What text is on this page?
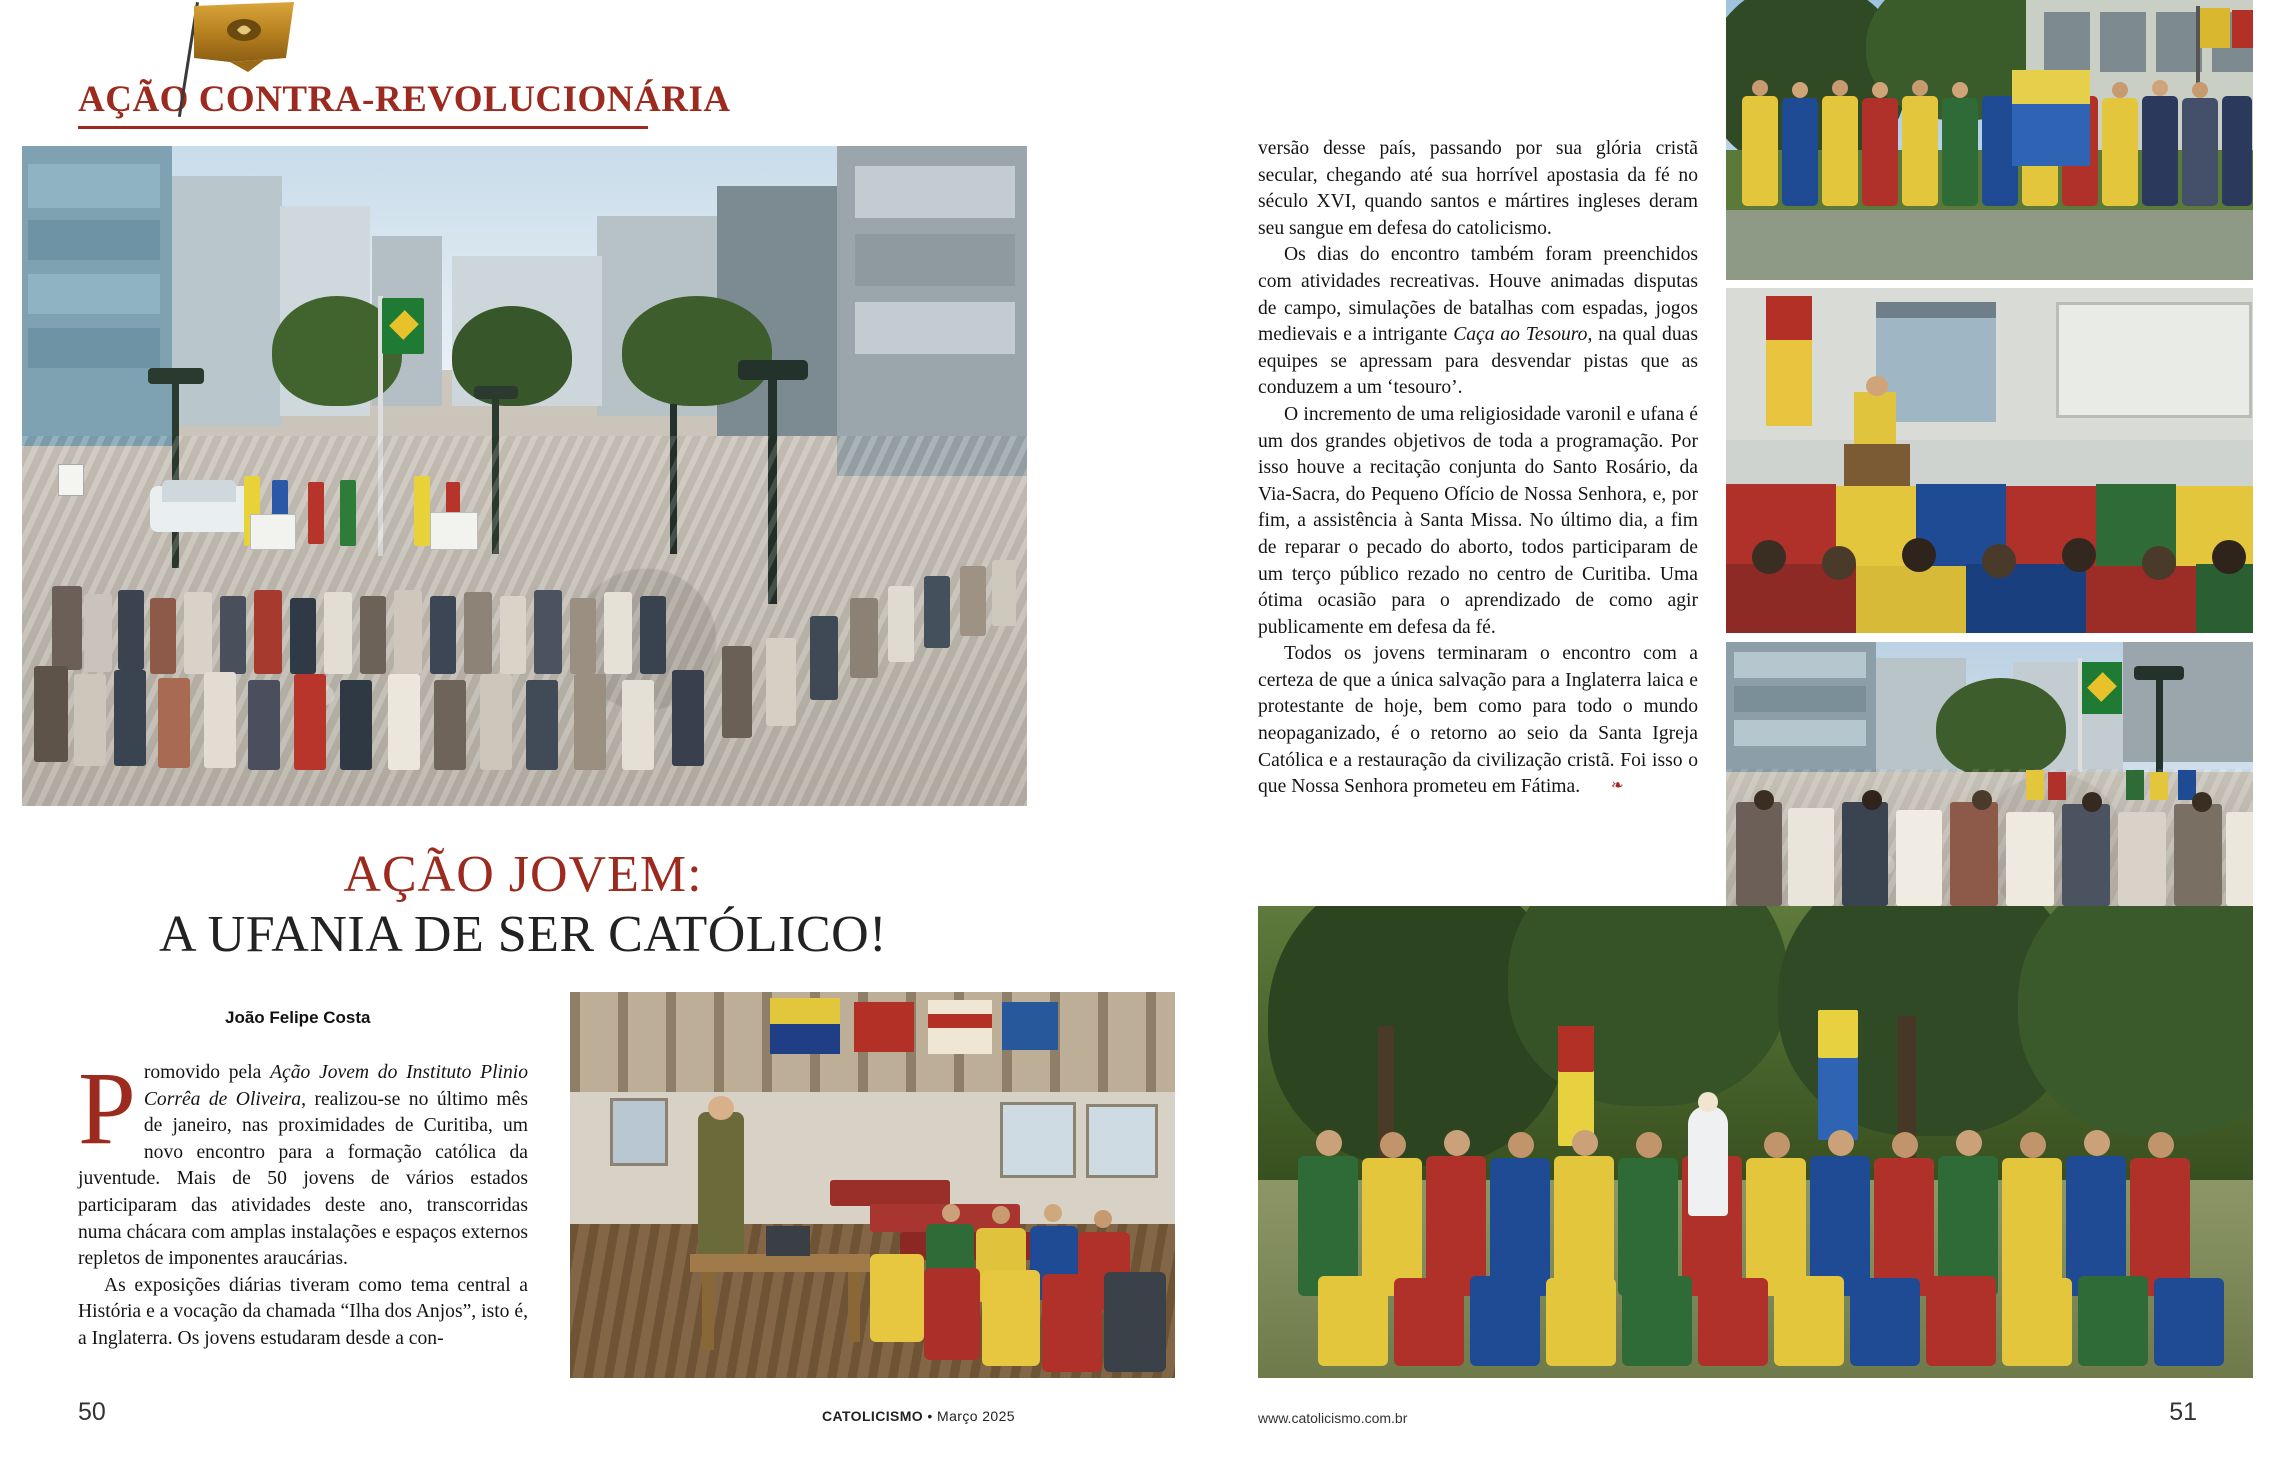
AÇÃO CONTRA-REVOLUCIONÁRIA
AÇÃO JOVEM:
A UFANIA DE SER CATÓLICO!
João Felipe Costa

P romovido pela Ação Jovem do Instituto Plinio Corrêa de Oliveira, realizou-se no último mês de janeiro, nas proximidades de Curitiba, um novo encontro para a formação católica da juventude. Mais de 50 jovens de vários estados participaram das atividades deste ano, transcorridas numa chácara com amplas instalações e espaços externos repletos de imponentes araucárias.

As exposições diárias tiveram como tema central a História e a vocação da chamada “Ilha dos Anjos”, isto é, a Inglaterra. Os jovens estudaram desde a con-

versão desse país, passando por sua glória cristã secular, chegando até sua horrível apostasia da fé no século XVI, quando santos e mártires ingleses deram seu sangue em defesa do catolicismo.

Os dias do encontro também foram preenchidos com atividades recreativas. Houve animadas disputas de campo, simulações de batalhas com espadas, jogos medievais e a intrigante Caça ao Tesouro, na qual duas equipes se apressam para desvendar pistas que as conduzem a um ‘tesouro’.

O incremento de uma religiosidade varonil e ufana é um dos grandes objetivos de toda a programação. Por isso houve a recitação conjunta do Santo Rosário, da Via-Sacra, do Pequeno Ofício de Nossa Senhora, e, por fim, a assistência à Santa Missa. No último dia, a fim de reparar o pecado do aborto, todos participaram de um terço público rezado no centro de Curitiba. Uma ótima ocasião para o aprendizado de como agir publicamente em defesa da fé.

Todos os jovens terminaram o encontro com a certeza de que a única salvação para a Inglaterra laica e protestante de hoje, bem como para todo o mundo neopaganizado, é o retorno ao seio da Santa Igreja Católica e a restauração da civilização cristã. Foi isso o que Nossa Senhora prometeu em Fátima. ❧

50	CATOLICISMO • Março 2025	www.catolicismo.com.br	51
